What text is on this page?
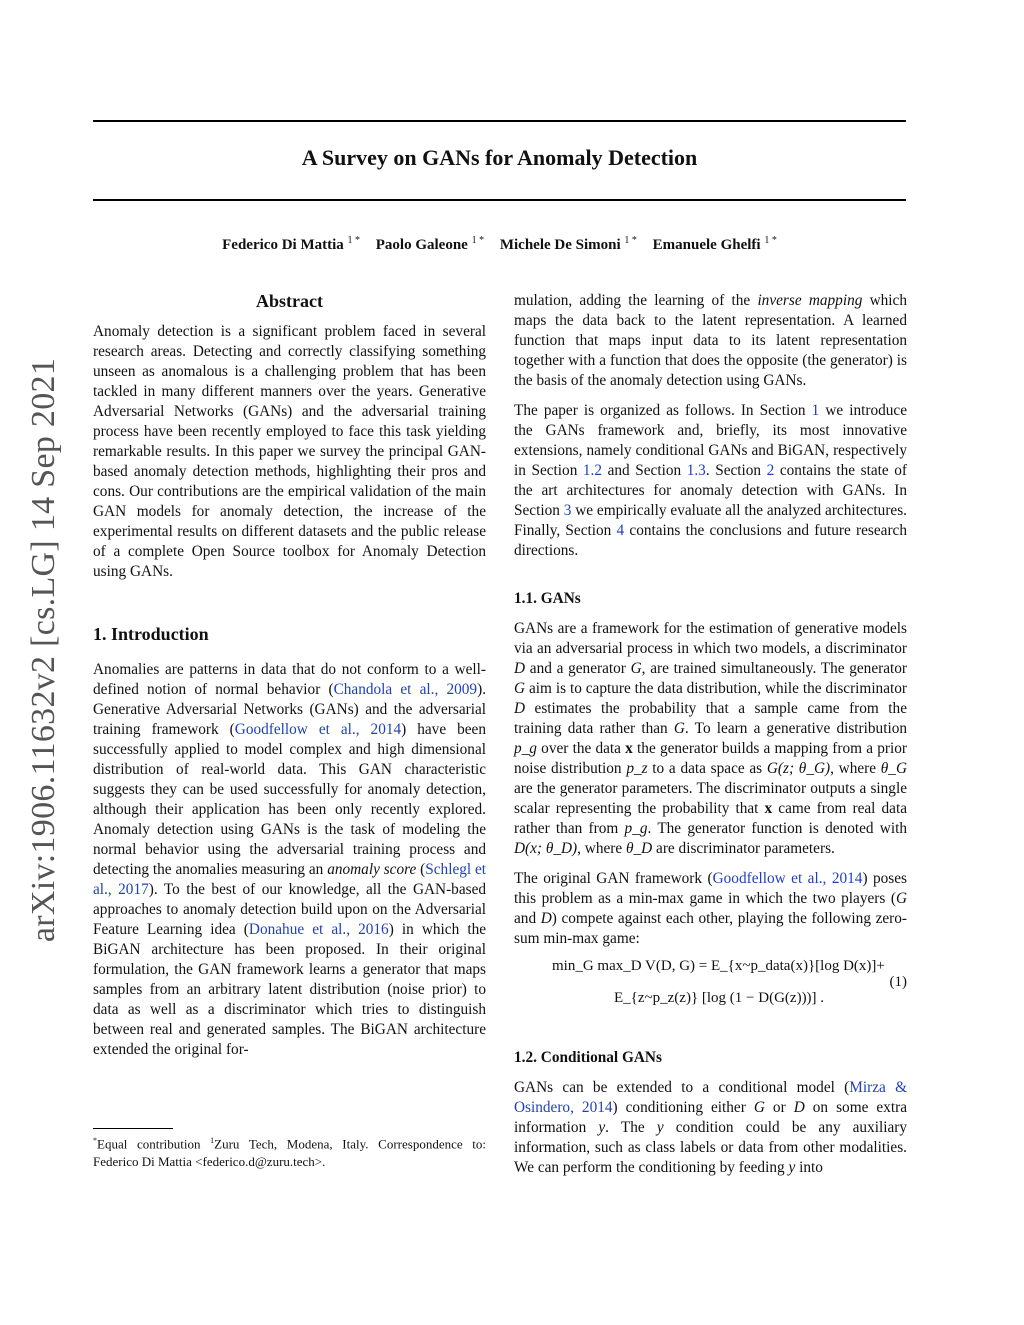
A Survey on GANs for Anomaly Detection
arXiv:1906.11632v2 [cs.LG] 14 Sep 2021
Federico Di Mattia $^{1 *}$ Paolo Galeone $^{1 *}$ Michele De Simoni $^{1 *}$ Emanuele Ghelfi $^{1 *}$
Abstract

Anomaly detection is a significant problem faced in several research areas. Detecting and correctly classifying something unseen as anomalous is a challenging problem that has been tackled in many different manners over the years. Generative Adversarial Networks (GANs) and the adversarial training process have been recently employed to face this task yielding remarkable results. In this paper we survey the principal GAN-based anomaly detection methods, highlighting their pros and cons. Our contributions are the empirical validation of the main GAN models for anomaly detection, the increase of the experimental results on different datasets and the public release of a complete Open Source toolbox for Anomaly Detection using GANs.

1. Introduction

Anomalies are patterns in data that do not conform to a well-defined notion of normal behavior (Chandola et al., 2009). Generative Adversarial Networks (GANs) and the adversarial training framework (Goodfellow et al., 2014) have been successfully applied to model complex and high dimensional distribution of real-world data. This GAN characteristic suggests they can be used successfully for anomaly detection, although their application has been only recently explored. Anomaly detection using GANs is the task of modeling the normal behavior using the adversarial training process and detecting the anomalies measuring an anomaly score (Schlegl et al., 2017). To the best of our knowledge, all the GAN-based approaches to anomaly detection build upon on the Adversarial Feature Learning idea (Donahue et al., 2016) in which the BiGAN architecture has been proposed. In their original formulation, the GAN framework learns a generator that maps samples from an arbitrary latent distribution (noise prior) to data as well as a discriminator which tries to distinguish between real and generated samples. The BiGAN architecture extended the original for-

mulation, adding the learning of the inverse mapping which maps the data back to the latent representation. A learned function that maps input data to its latent representation together with a function that does the opposite (the generator) is the basis of the anomaly detection using GANs.

The paper is organized as follows. In Section 1 we introduce the GANs framework and, briefly, its most innovative extensions, namely conditional GANs and BiGAN, respectively in Section 1.2 and Section 1.3. Section 2 contains the state of the art architectures for anomaly detection with GANs. In Section 3 we empirically evaluate all the analyzed architectures. Finally, Section 4 contains the conclusions and future research directions.

1.1. GANs

GANs are a framework for the estimation of generative models via an adversarial process in which two models, a discriminator D and a generator G, are trained simultaneously. The generator G aim is to capture the data distribution, while the discriminator D estimates the probability that a sample came from the training data rather than G. To learn a generative distribution p_g over the data x the generator builds a mapping from a prior noise distribution p_z to a data space as G(z; θ_G), where θ_G are the generator parameters. The discriminator outputs a single scalar representing the probability that x came from real data rather than from p_g. The generator function is denoted with D(x; θ_D), where θ_D are discriminator parameters.

The original GAN framework (Goodfellow et al., 2014) poses this problem as a min-max game in which the two players (G and D) compete against each other, playing the following zero-sum min-max game:

min_G max_D V(D, G) = E_{x~p_data(x)}[log D(x)]+
E_{z~p_z(z)} [log (1 − D(G(z)))] .
(1)
1.2. Conditional GANs

GANs can be extended to a conditional model (Mirza & Osindero, 2014) conditioning either G or D on some extra information y. The y condition could be any auxiliary information, such as class labels or data from other modalities. We can perform the conditioning by feeding y into

*Equal contribution $^1$Zuru Tech, Modena, Italy. Correspondence to: Federico Di Mattia <federico.d@zuru.tech>.
